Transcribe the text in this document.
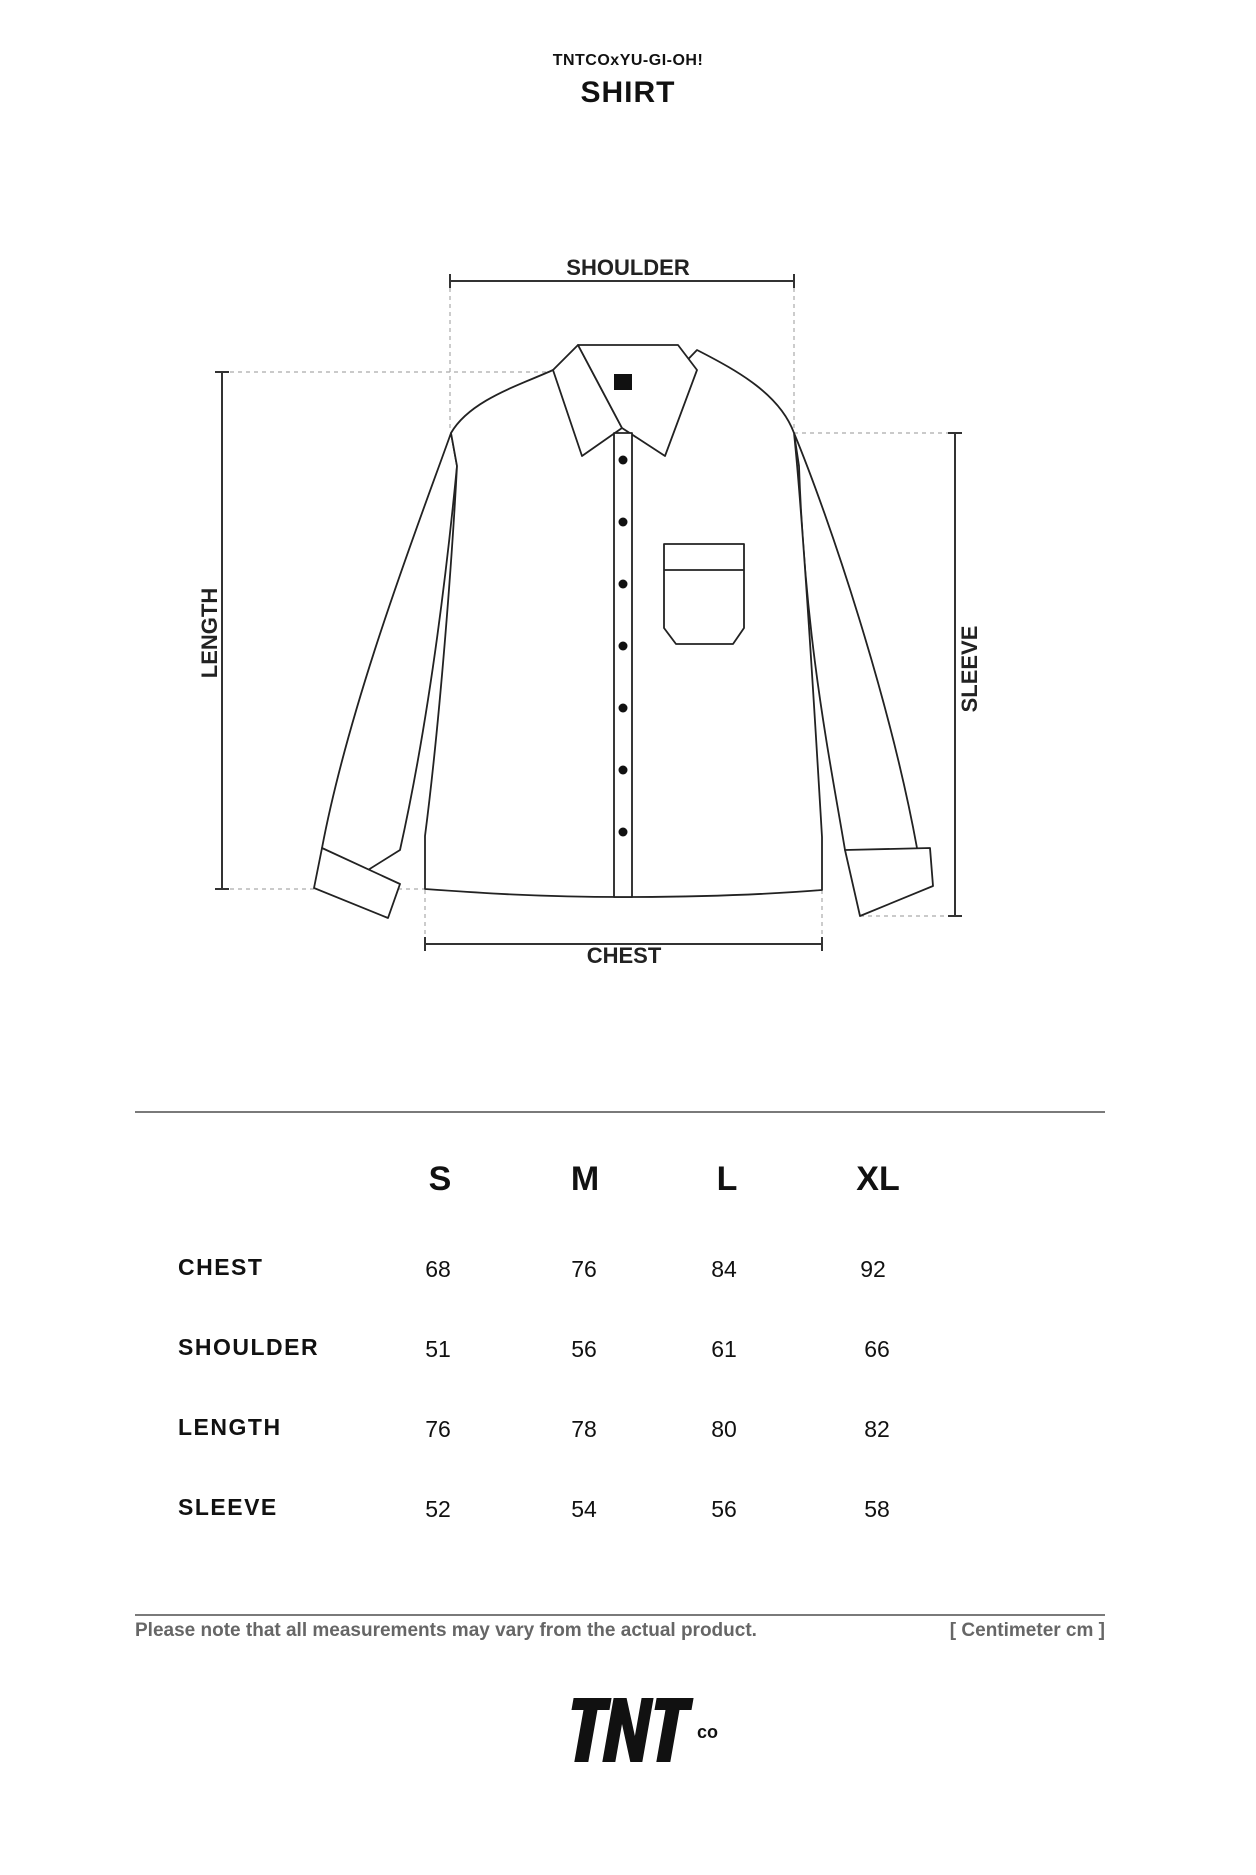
TNTCOxYU-GI-OH!
SHIRT
SHOULDER
LENGTH	SLEEVE
CHEST
S	M	L	XL
CHEST	68	76	84	92
SHOULDER	51	56	61	66
LENGTH	76	78	80	82
SLEEVE	52	54	56	58
Please note that all measurements may vary from the actual product.	[ Centimeter cm ]
co
